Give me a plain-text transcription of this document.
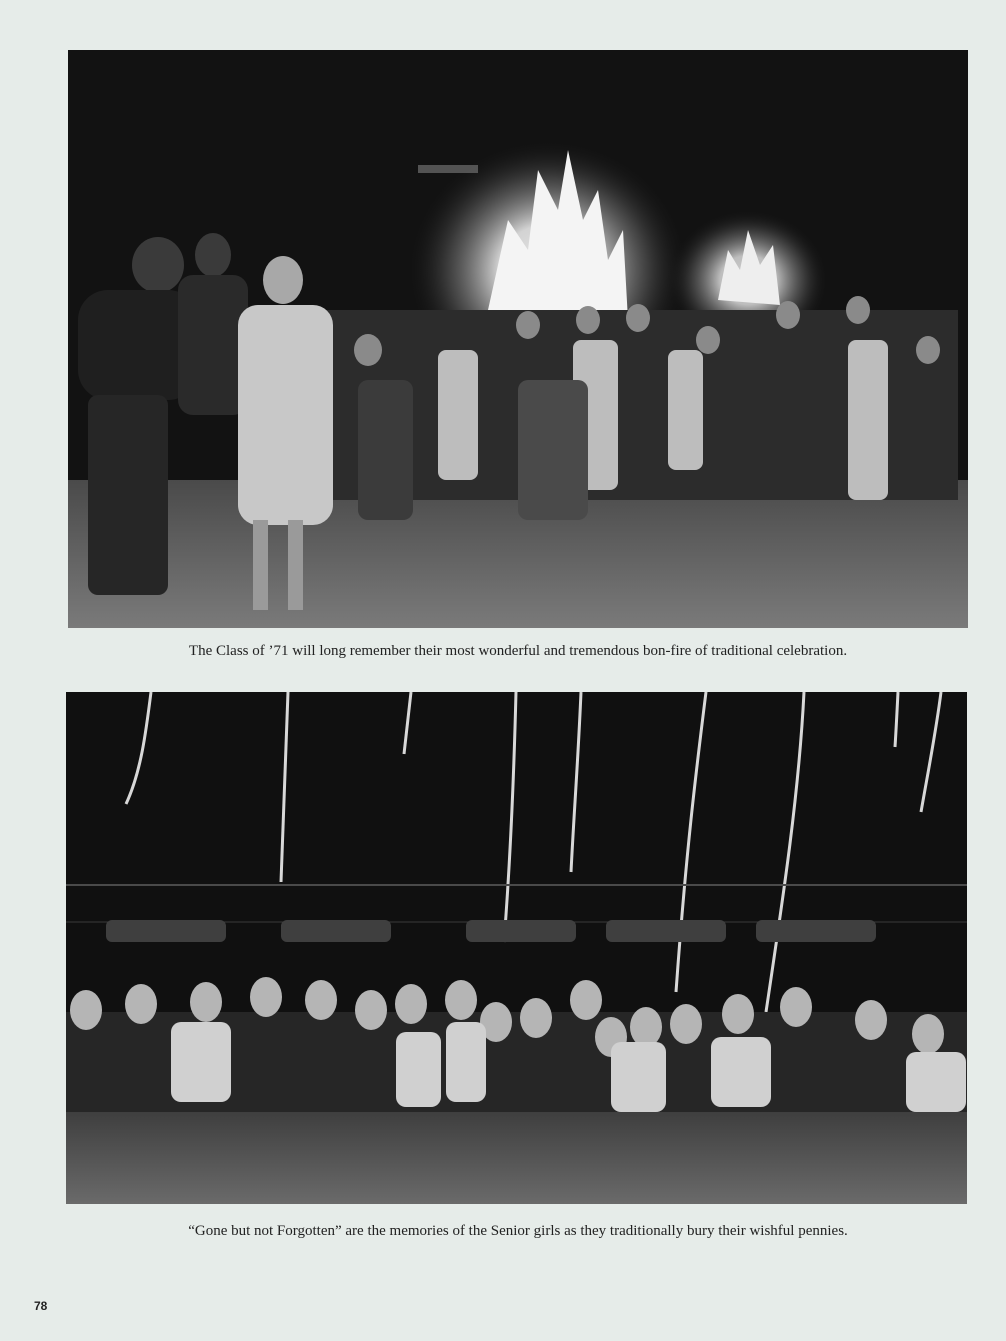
The Class of ’71 will long remember their most wonderful and tremendous bon-fire of traditional celebration.
“Gone but not Forgotten” are the memories of the Senior girls as they traditionally bury their wishful pennies.
78
